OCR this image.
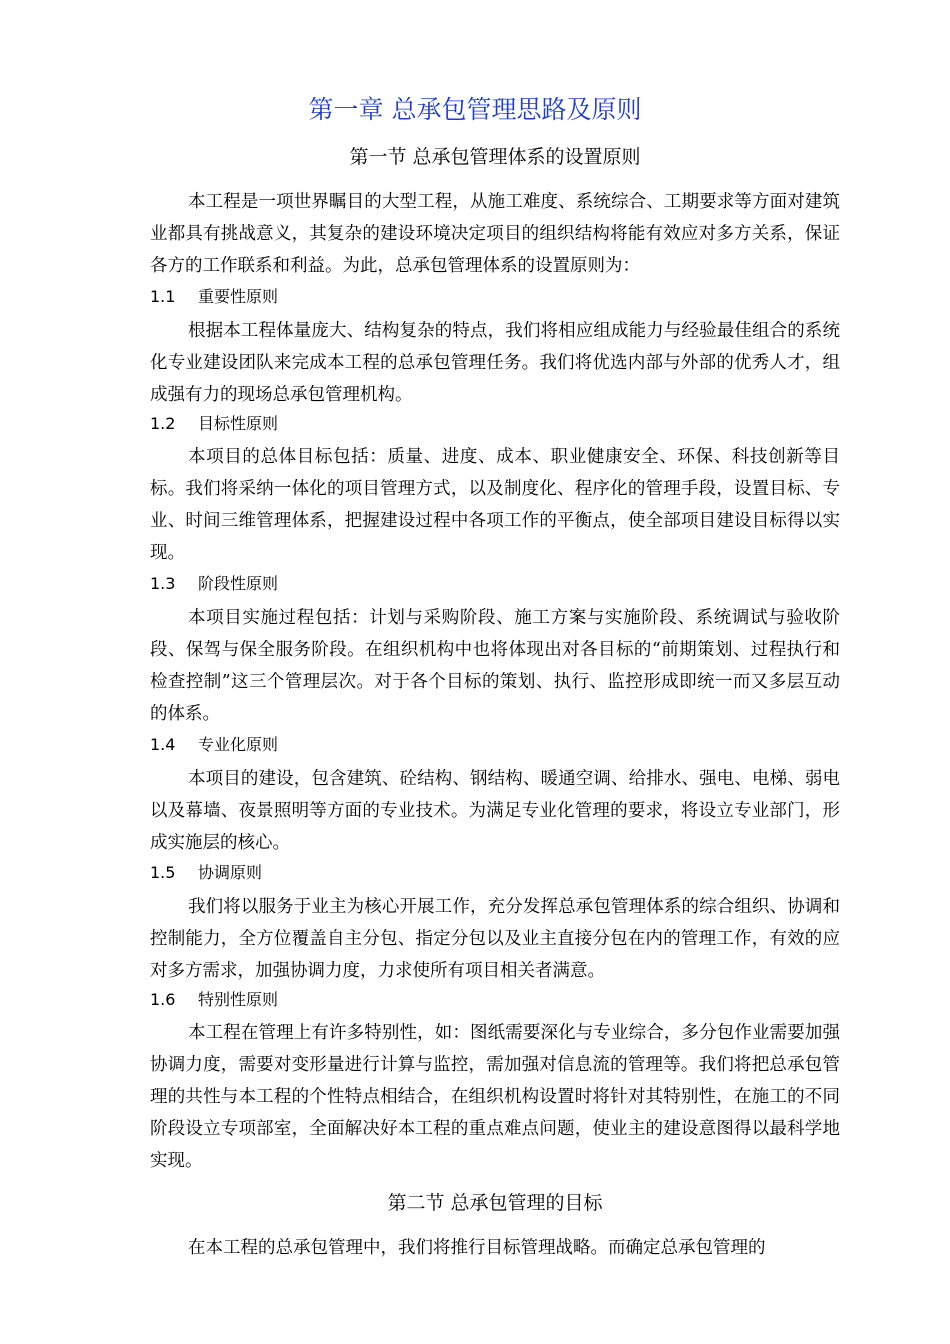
第一章 总承包管理思路及原则
第一节 总承包管理体系的设置原则

本工程是一项世界瞩目的大型工程，从施工难度、系统综合、工期要求等方面对建筑业都具有挑战意义，其复杂的建设环境决定项目的组织结构将能有效应对多方关系，保证各方的工作联系和利益。为此，总承包管理体系的设置原则为：

1.1 重要性原则

根据本工程体量庞大、结构复杂的特点，我们将相应组成能力与经验最佳组合的系统化专业建设团队来完成本工程的总承包管理任务。我们将优选内部与外部的优秀人才，组成强有力的现场总承包管理机构。

1.2 目标性原则

本项目的总体目标包括：质量、进度、成本、职业健康安全、环保、科技创新等目标。我们将采纳一体化的项目管理方式，以及制度化、程序化的管理手段，设置目标、专业、时间三维管理体系，把握建设过程中各项工作的平衡点，使全部项目建设目标得以实现。

1.3 阶段性原则

本项目实施过程包括：计划与采购阶段、施工方案与实施阶段、系统调试与验收阶段、保驾与保全服务阶段。在组织机构中也将体现出对各目标的“前期策划、过程执行和检查控制”这三个管理层次。对于各个目标的策划、执行、监控形成即统一而又多层互动的体系。

1.4 专业化原则

本项目的建设，包含建筑、砼结构、钢结构、暖通空调、给排水、强电、电梯、弱电以及幕墙、夜景照明等方面的专业技术。为满足专业化管理的要求，将设立专业部门，形成实施层的核心。

1.5 协调原则

我们将以服务于业主为核心开展工作，充分发挥总承包管理体系的综合组织、协调和控制能力，全方位覆盖自主分包、指定分包以及业主直接分包在内的管理工作，有效的应对多方需求，加强协调力度，力求使所有项目相关者满意。

1.6 特别性原则

本工程在管理上有许多特别性，如：图纸需要深化与专业综合，多分包作业需要加强协调力度，需要对变形量进行计算与监控，需加强对信息流的管理等。我们将把总承包管理的共性与本工程的个性特点相结合，在组织机构设置时将针对其特别性，在施工的不同阶段设立专项部室，全面解决好本工程的重点难点问题，使业主的建设意图得以最科学地实现。

第二节 总承包管理的目标

在本工程的总承包管理中，我们将推行目标管理战略。而确定总承包管理的
